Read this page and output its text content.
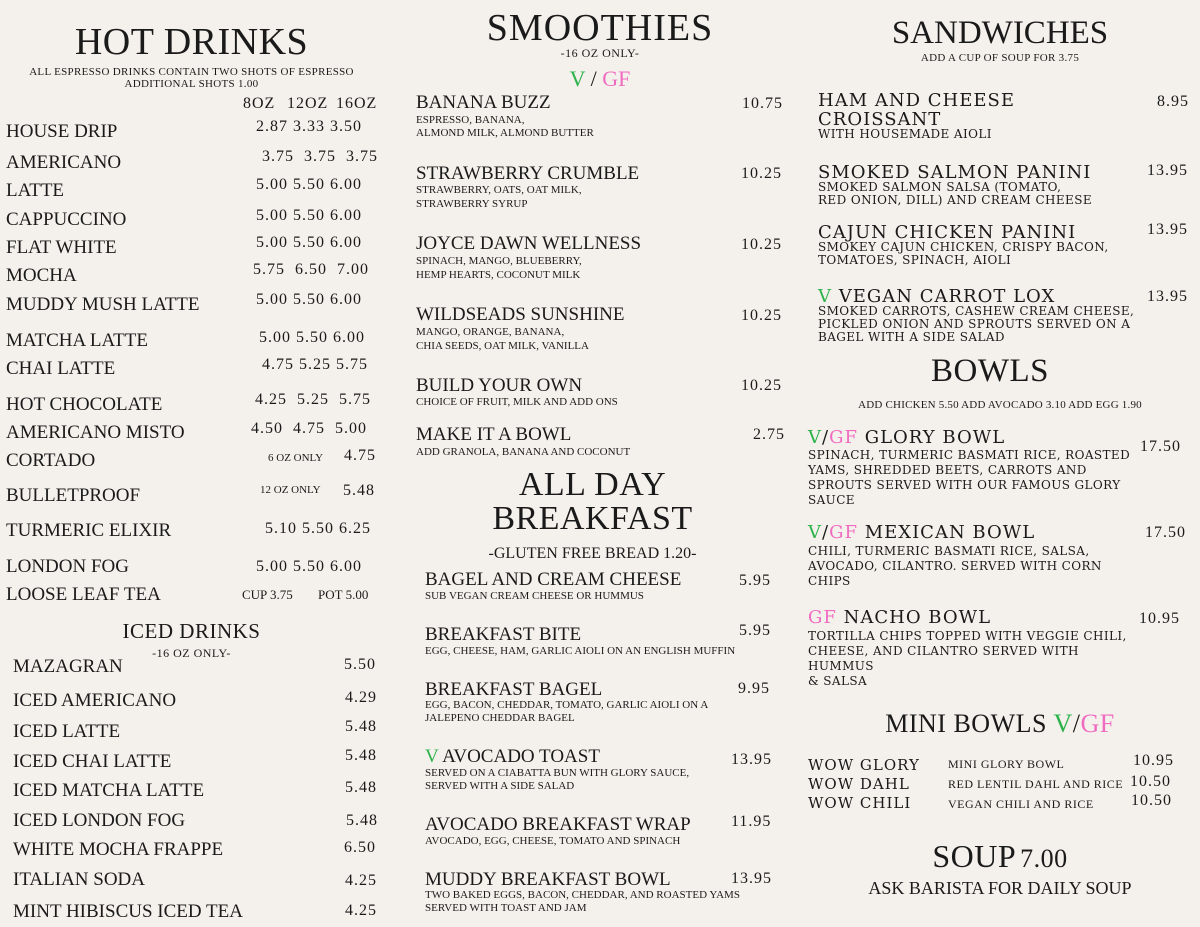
HOT DRINKS
ALL ESPRESSO DRINKS CONTAIN TWO SHOTS OF ESPRESSO
ADDITIONAL SHOTS 1.00
8OZ 12OZ 16OZ
HOUSE DRIP	2.87 3.33 3.50
AMERICANO	3.75  3.75  3.75
LATTE	5.00 5.50 6.00
CAPPUCCINO	5.00 5.50 6.00
FLAT WHITE	5.00 5.50 6.00
MOCHA	5.75  6.50  7.00
MUDDY MUSH LATTE	5.00 5.50 6.00
MATCHA LATTE	5.00 5.50 6.00
CHAI LATTE	4.75 5.25 5.75
HOT CHOCOLATE	4.25  5.25  5.75
AMERICANO MISTO	4.50  4.75  5.00
CORTADO	6 OZ ONLY 4.75
BULLETPROOF	12 OZ ONLY 5.48
TURMERIC ELIXIR	5.10 5.50 6.25
LONDON FOG	5.00 5.50 6.00
LOOSE LEAF TEA	CUP 3.75 POT 5.00
ICED DRINKS
-16 OZ ONLY-
MAZAGRAN	5.50
ICED AMERICANO	4.29
ICED LATTE	5.48
ICED CHAI LATTE	5.48
ICED MATCHA LATTE	5.48
ICED LONDON FOG	5.48
WHITE MOCHA FRAPPE	6.50
ITALIAN SODA	4.25
MINT HIBISCUS ICED TEA	4.25
SMOOTHIES
-16 OZ ONLY-
V / GF
BANANA BUZZ	10.75
ESPRESSO, BANANA,
ALMOND MILK, ALMOND BUTTER
STRAWBERRY CRUMBLE	10.25
STRAWBERRY, OATS, OAT MILK,
STRAWBERRY SYRUP
JOYCE DAWN WELLNESS	10.25
SPINACH, MANGO, BLUEBERRY,
HEMP HEARTS, COCONUT MILK
WILDSEADS SUNSHINE	10.25
MANGO, ORANGE, BANANA,
CHIA SEEDS, OAT MILK, VANILLA
BUILD YOUR OWN	10.25
CHOICE OF FRUIT, MILK AND ADD ONS
MAKE IT A BOWL	2.75
ADD GRANOLA, BANANA AND COCONUT
ALL DAY
BREAKFAST
-GLUTEN FREE BREAD 1.20-
BAGEL AND CREAM CHEESE	5.95
SUB VEGAN CREAM CHEESE OR HUMMUS
BREAKFAST BITE	5.95
EGG, CHEESE, HAM, GARLIC AIOLI ON AN ENGLISH MUFFIN
BREAKFAST BAGEL	9.95
EGG, BACON, CHEDDAR, TOMATO, GARLIC AIOLI ON A
JALEPENO CHEDDAR BAGEL
V AVOCADO TOAST	13.95
SERVED ON A CIABATTA BUN WITH GLORY SAUCE,
SERVED WITH A SIDE SALAD
AVOCADO BREAKFAST WRAP	11.95
AVOCADO, EGG, CHEESE, TOMATO AND SPINACH
MUDDY BREAKFAST BOWL	13.95
TWO BAKED EGGS, BACON, CHEDDAR, AND ROASTED YAMS
SERVED WITH TOAST AND JAM
SANDWICHES
ADD A CUP OF SOUP FOR 3.75
HAM AND CHEESE
CROISSANT
8.95
WITH HOUSEMADE AIOLI
SMOKED SALMON PANINI	13.95
SMOKED SALMON SALSA (TOMATO,
RED ONION, DILL) AND CREAM CHEESE
CAJUN CHICKEN PANINI	13.95
SMOKEY CAJUN CHICKEN, CRISPY BACON,
TOMATOES, SPINACH, AIOLI
V VEGAN CARROT LOX	13.95
SMOKED CARROTS, CASHEW CREAM CHEESE,
PICKLED ONION AND SPROUTS SERVED ON A
BAGEL WITH A SIDE SALAD
BOWLS
ADD CHICKEN 5.50 ADD AVOCADO 3.10 ADD EGG 1.90
V/GF GLORY BOWL	17.50
SPINACH, TURMERIC BASMATI RICE, ROASTED
YAMS, SHREDDED BEETS, CARROTS AND
SPROUTS SERVED WITH OUR FAMOUS GLORY
SAUCE
V/GF MEXICAN BOWL	17.50
CHILI, TURMERIC BASMATI RICE, SALSA,
AVOCADO, CILANTRO. SERVED WITH CORN
CHIPS
GF NACHO BOWL	10.95
TORTILLA CHIPS TOPPED WITH VEGGIE CHILI,
CHEESE, AND CILANTRO SERVED WITH
HUMMUS
& SALSA
MINI BOWLS V/GF
WOW GLORY MINI GLORY BOWL	10.95
WOW DAHL	RED LENTIL DAHL AND RICE 10.50
WOW CHILI	VEGAN CHILI AND RICE 10.50
SOUP 7.00
ASK BARISTA FOR DAILY SOUP
